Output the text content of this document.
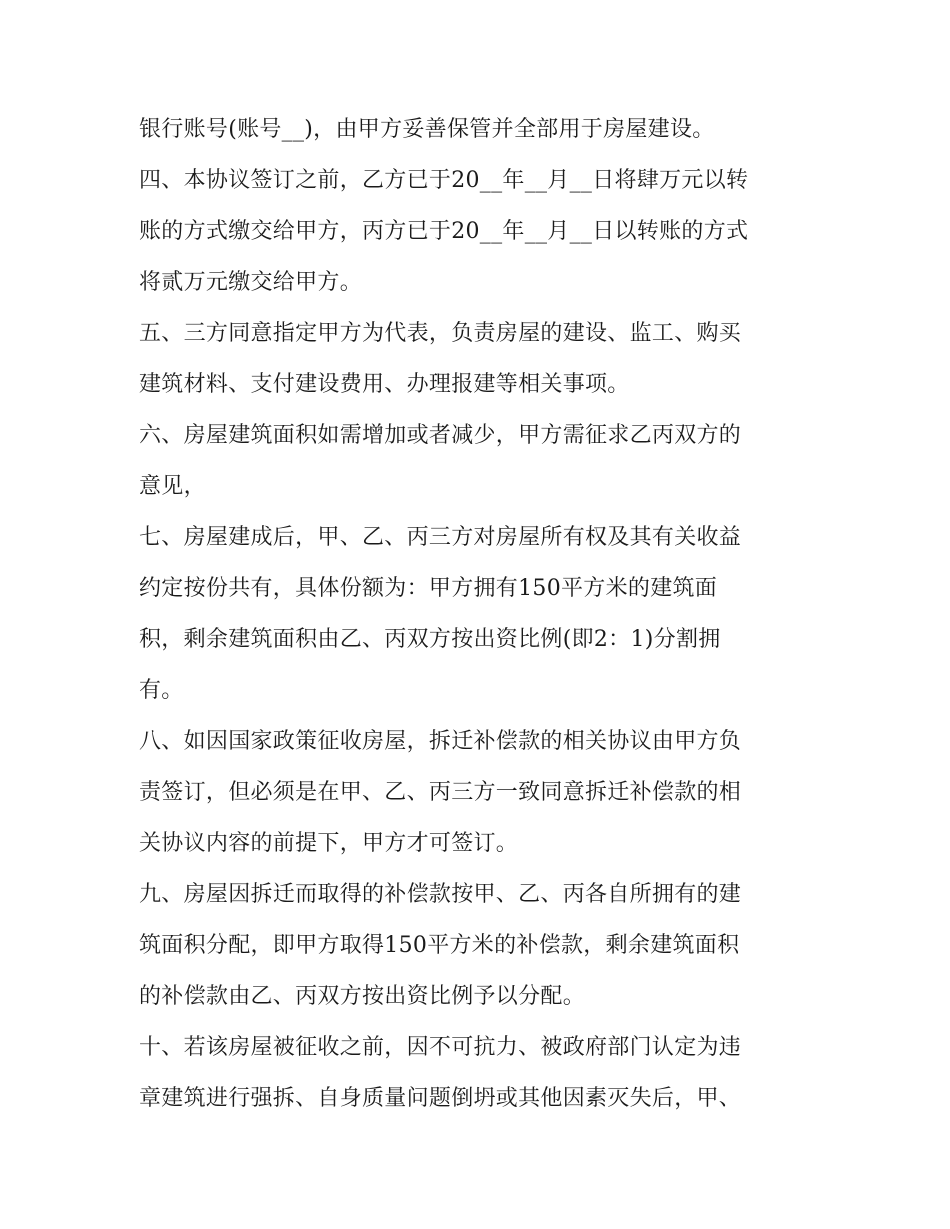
银行账号(账号__)，由甲方妥善保管并全部用于房屋建设。

四、本协议签订之前，乙方已于20__年__月__日将肆万元以转

账的方式缴交给甲方，丙方已于20__年__月__日以转账的方式

将贰万元缴交给甲方。

五、三方同意指定甲方为代表，负责房屋的建设、监工、购买

建筑材料、支付建设费用、办理报建等相关事项。

六、房屋建筑面积如需增加或者减少，甲方需征求乙丙双方的

意见，

七、房屋建成后，甲、乙、丙三方对房屋所有权及其有关收益

约定按份共有，具体份额为：甲方拥有150平方米的建筑面

积，剩余建筑面积由乙、丙双方按出资比例(即2：1)分割拥

有。

八、如因国家政策征收房屋，拆迁补偿款的相关协议由甲方负

责签订，但必须是在甲、乙、丙三方一致同意拆迁补偿款的相

关协议内容的前提下，甲方才可签订。

九、房屋因拆迁而取得的补偿款按甲、乙、丙各自所拥有的建

筑面积分配，即甲方取得150平方米的补偿款，剩余建筑面积

的补偿款由乙、丙双方按出资比例予以分配。

十、若该房屋被征收之前，因不可抗力、被政府部门认定为违

章建筑进行强拆、自身质量问题倒坍或其他因素灭失后，甲、
